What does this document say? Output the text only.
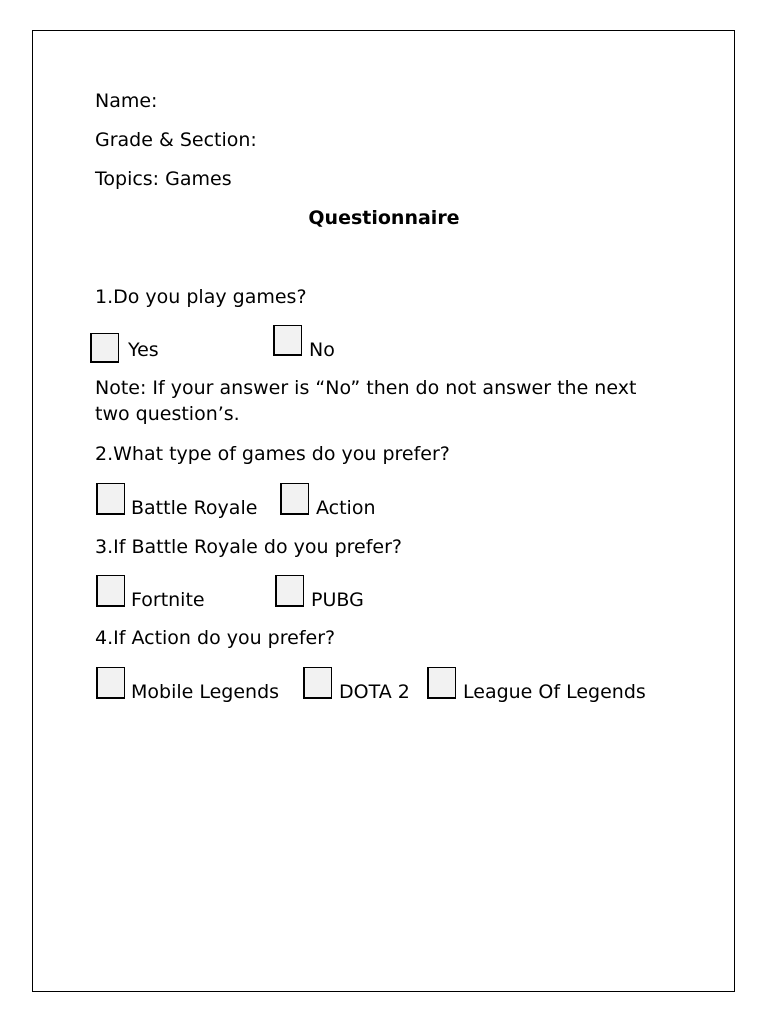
Name:
Grade & Section:
Topics: Games
Questionnaire
1.Do you play games?
Yes	No
Note: If your answer is “No” then do not answer the next two question’s.
2.What type of games do you prefer?
Battle Royale	Action
3.If Battle Royale do you prefer?
Fortnite	PUBG
4.If Action do you prefer?
Mobile Legends	DOTA 2	League Of Legends
